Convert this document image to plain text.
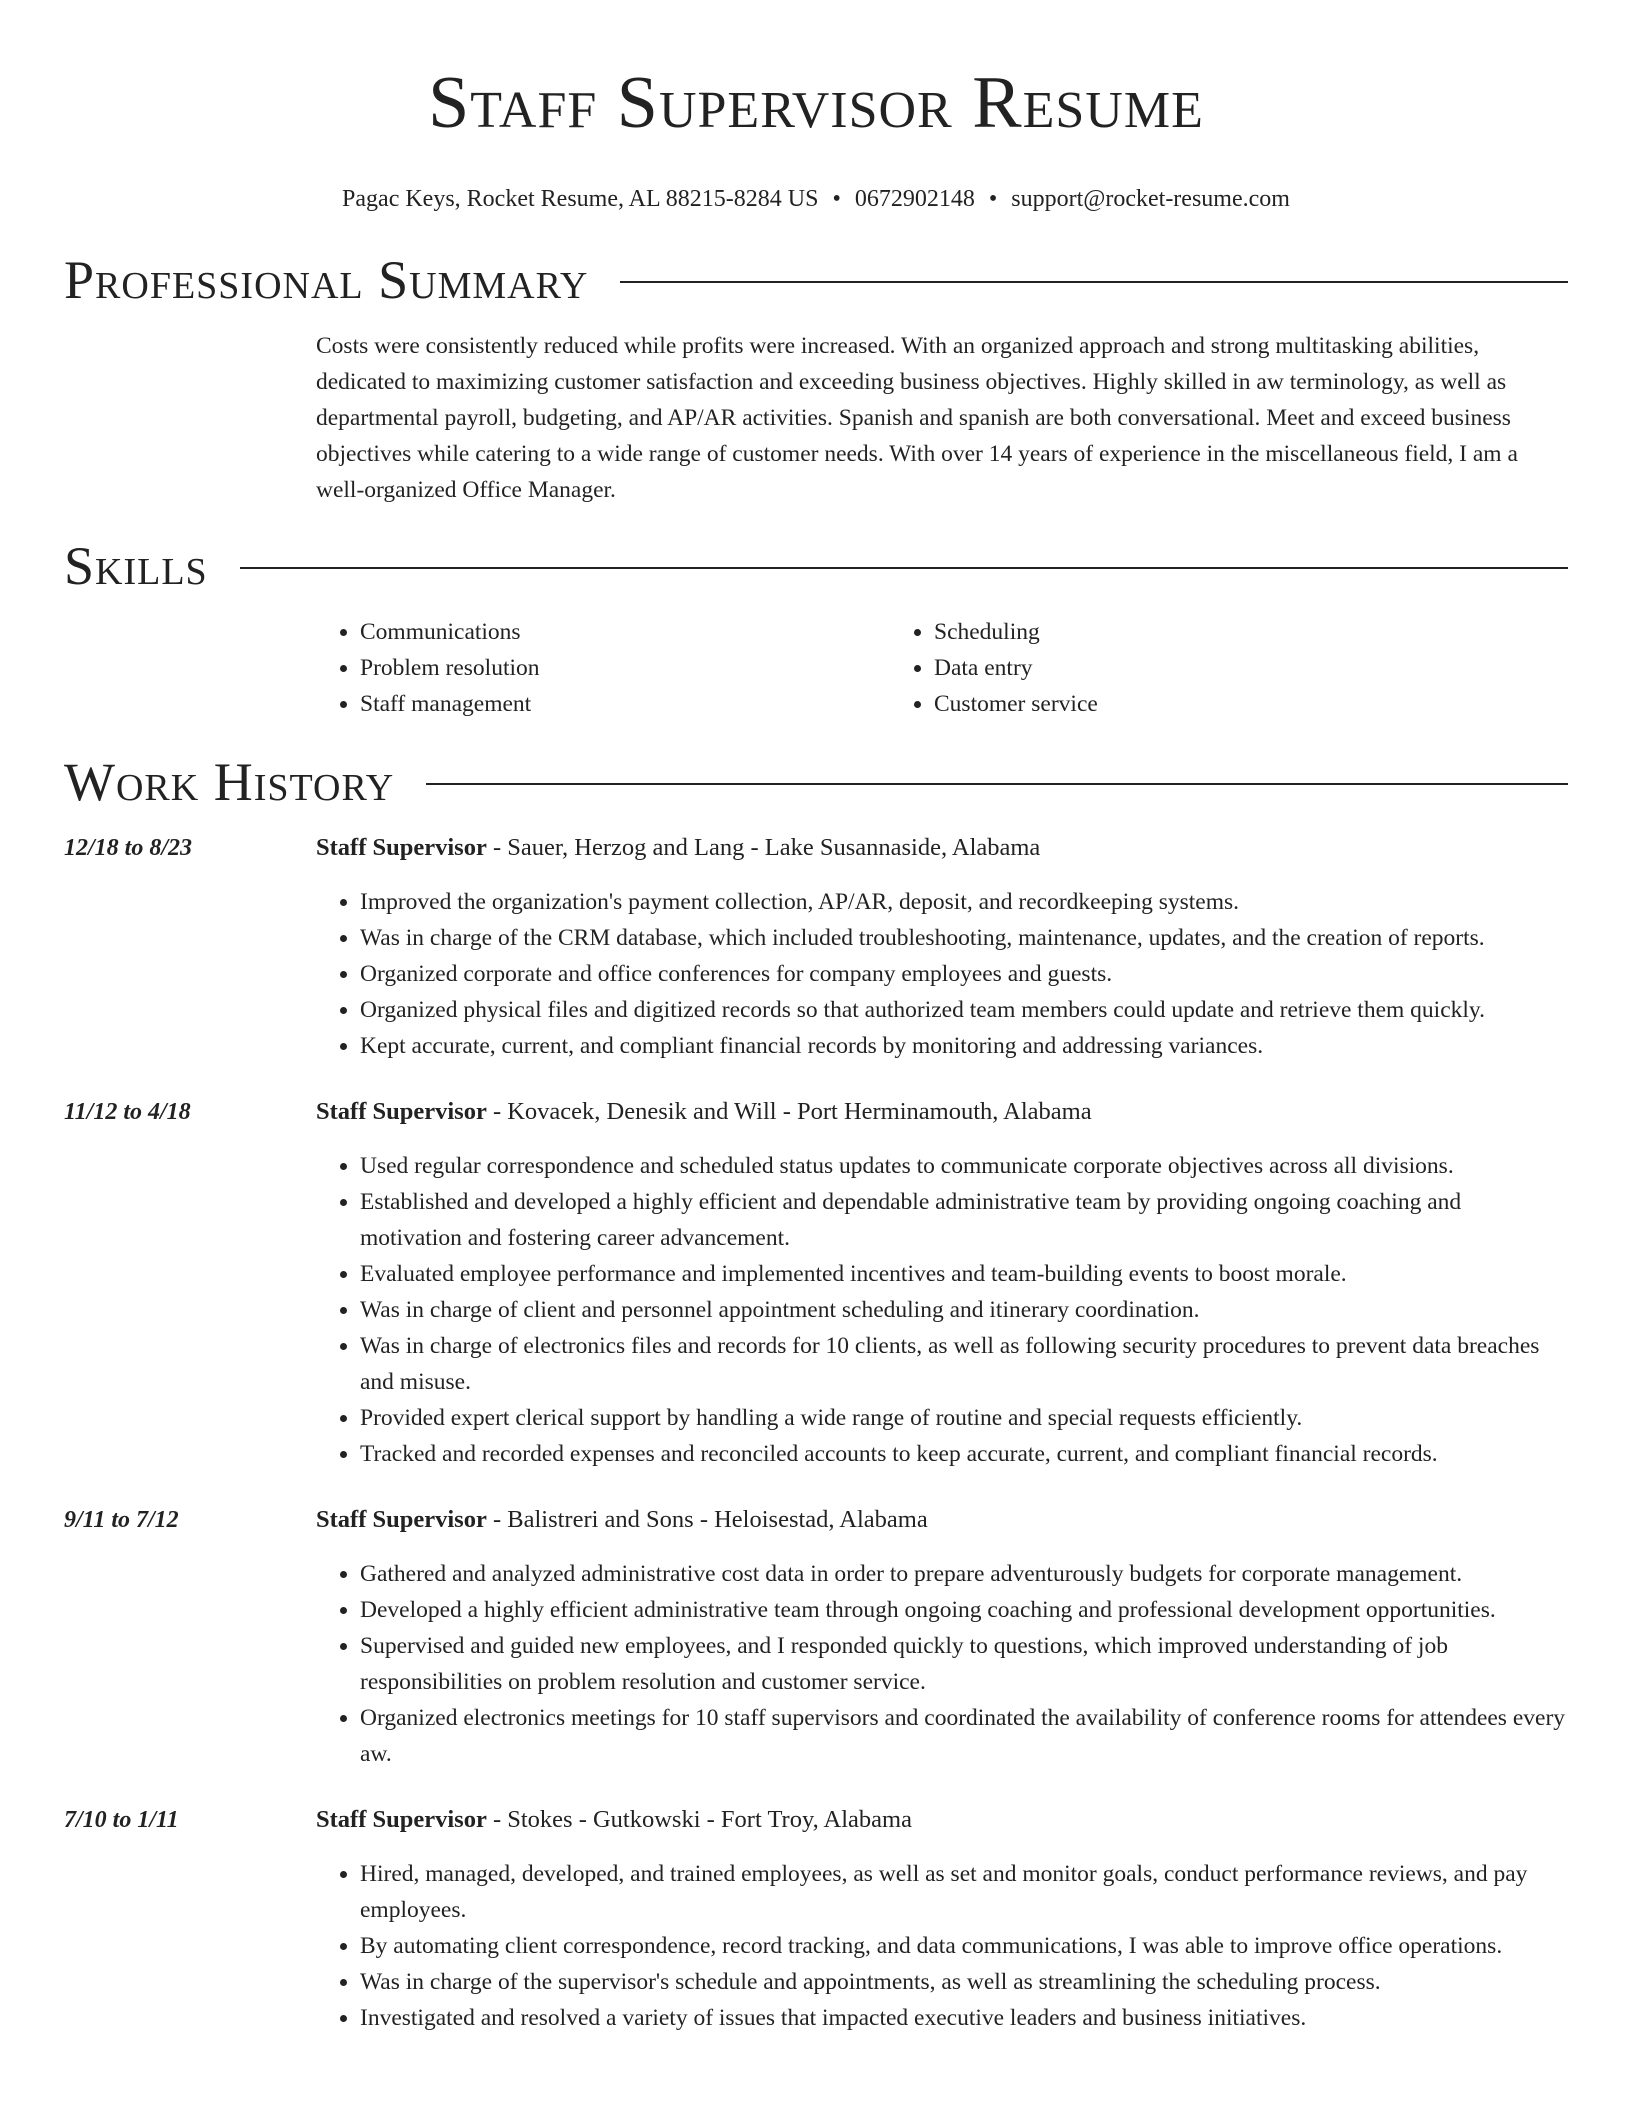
Staff Supervisor Resume
Pagac Keys, Rocket Resume, AL 88215-8284 US • 0672902148 • support@rocket-resume.com
Professional Summary
Costs were consistently reduced while profits were increased. With an organized approach and strong multitasking abilities, dedicated to maximizing customer satisfaction and exceeding business objectives. Highly skilled in aw terminology, as well as departmental payroll, budgeting, and AP/AR activities. Spanish and spanish are both conversational. Meet and exceed business objectives while catering to a wide range of customer needs. With over 14 years of experience in the miscellaneous field, I am a well-organized Office Manager.
Skills
• Communications
• Problem resolution
• Staff management
• Scheduling
• Data entry
• Customer service
Work History
12/18 to 8/23	Staff Supervisor - Sauer, Herzog and Lang - Lake Susannaside, Alabama
• Improved the organization's payment collection, AP/AR, deposit, and recordkeeping systems.
• Was in charge of the CRM database, which included troubleshooting, maintenance, updates, and the creation of reports.
• Organized corporate and office conferences for company employees and guests.
• Organized physical files and digitized records so that authorized team members could update and retrieve them quickly.
• Kept accurate, current, and compliant financial records by monitoring and addressing variances.
11/12 to 4/18	Staff Supervisor - Kovacek, Denesik and Will - Port Herminamouth, Alabama
• Used regular correspondence and scheduled status updates to communicate corporate objectives across all divisions.
• Established and developed a highly efficient and dependable administrative team by providing ongoing coaching and motivation and fostering career advancement.
• Evaluated employee performance and implemented incentives and team-building events to boost morale.
• Was in charge of client and personnel appointment scheduling and itinerary coordination.
• Was in charge of electronics files and records for 10 clients, as well as following security procedures to prevent data breaches and misuse.
• Provided expert clerical support by handling a wide range of routine and special requests efficiently.
• Tracked and recorded expenses and reconciled accounts to keep accurate, current, and compliant financial records.
9/11 to 7/12	Staff Supervisor - Balistreri and Sons - Heloisestad, Alabama
• Gathered and analyzed administrative cost data in order to prepare adventurously budgets for corporate management.
• Developed a highly efficient administrative team through ongoing coaching and professional development opportunities.
• Supervised and guided new employees, and I responded quickly to questions, which improved understanding of job responsibilities on problem resolution and customer service.
• Organized electronics meetings for 10 staff supervisors and coordinated the availability of conference rooms for attendees every aw.
7/10 to 1/11	Staff Supervisor - Stokes - Gutkowski - Fort Troy, Alabama
• Hired, managed, developed, and trained employees, as well as set and monitor goals, conduct performance reviews, and pay employees.
• By automating client correspondence, record tracking, and data communications, I was able to improve office operations.
• Was in charge of the supervisor's schedule and appointments, as well as streamlining the scheduling process.
• Investigated and resolved a variety of issues that impacted executive leaders and business initiatives.
